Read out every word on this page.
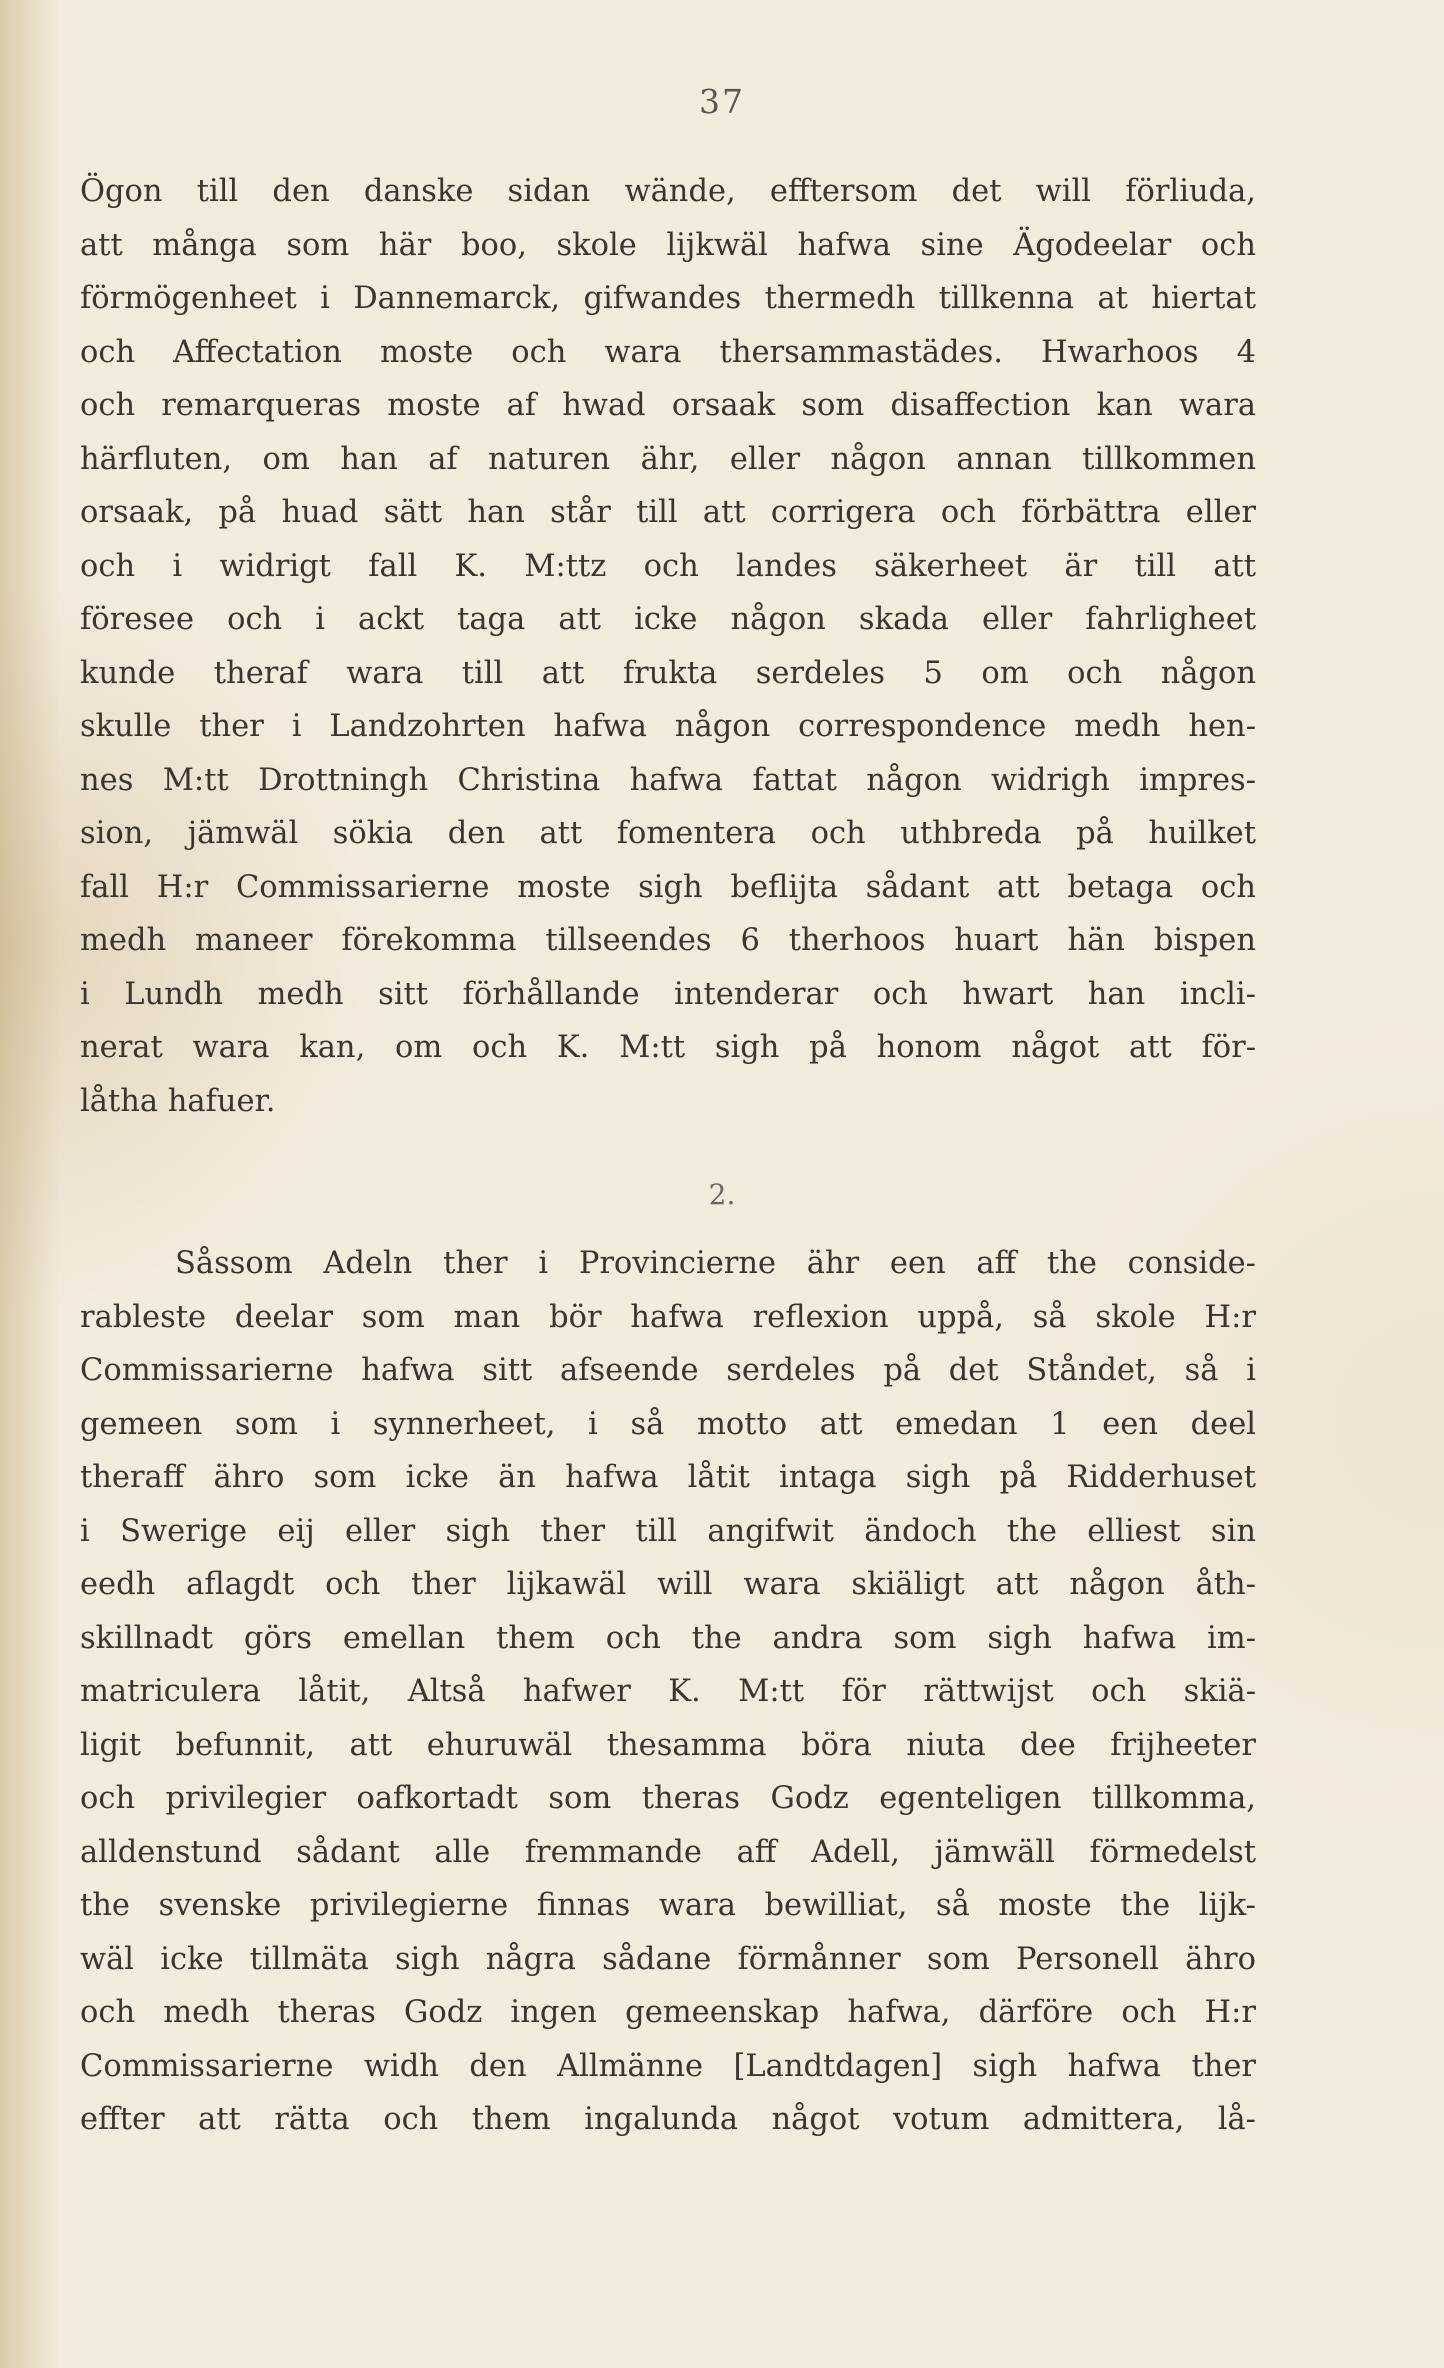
37
Ögon till den danske sidan wände, efftersom det will förliuda,
att många som här boo, skole lijkwäl hafwa sine Ägodeelar och
förmögenheet i Dannemarck, gifwandes thermedh tillkenna at hiertat
och Affectation moste och wara thersammastädes. Hwarhoos 4
och remarqueras moste af hwad orsaak som disaffection kan wara
härfluten, om han af naturen ähr, eller någon annan tillkommen
orsaak, på huad sätt han står till att corrigera och förbättra eller
och i widrigt fall K. M:ttz och landes säkerheet är till att
föresee och i ackt taga att icke någon skada eller fahrligheet
kunde theraf wara till att frukta serdeles 5 om och någon
skulle ther i Landzohrten hafwa någon correspondence medh hen-
nes M:tt Drottningh Christina hafwa fattat någon widrigh impres-
sion, jämwäl sökia den att fomentera och uthbreda på huilket
fall H:r Commissarierne moste sigh beflijta sådant att betaga och
medh maneer förekomma tillseendes 6 therhoos huart hän bispen
i Lundh medh sitt förhållande intenderar och hwart han incli-
nerat wara kan, om och K. M:tt sigh på honom något att för-
låtha hafuer.
2.
Såssom Adeln ther i Provincierne ähr een aff the conside-
rableste deelar som man bör hafwa reflexion uppå, så skole H:r
Commissarierne hafwa sitt afseende serdeles på det Ståndet, så i
gemeen som i synnerheet, i så motto att emedan 1 een deel
theraff ähro som icke än hafwa låtit intaga sigh på Ridderhuset
i Swerige eij eller sigh ther till angifwit ändoch the elliest sin
eedh aflagdt och ther lijkawäl will wara skiäligt att någon åth-
skillnadt görs emellan them och the andra som sigh hafwa im-
matriculera låtit, Altså hafwer K. M:tt för rättwijst och skiä-
ligit befunnit, att ehuruwäl thesamma böra niuta dee frijheeter
och privilegier oafkortadt som theras Godz egenteligen tillkomma,
alldenstund sådant alle fremmande aff Adell, jämwäll förmedelst
the svenske privilegierne finnas wara bewilliat, så moste the lijk-
wäl icke tillmäta sigh några sådane förmånner som Personell ähro
och medh theras Godz ingen gemeenskap hafwa, därföre och H:r
Commissarierne widh den Allmänne [Landtdagen] sigh hafwa ther
effter att rätta och them ingalunda något votum admittera, lå-
